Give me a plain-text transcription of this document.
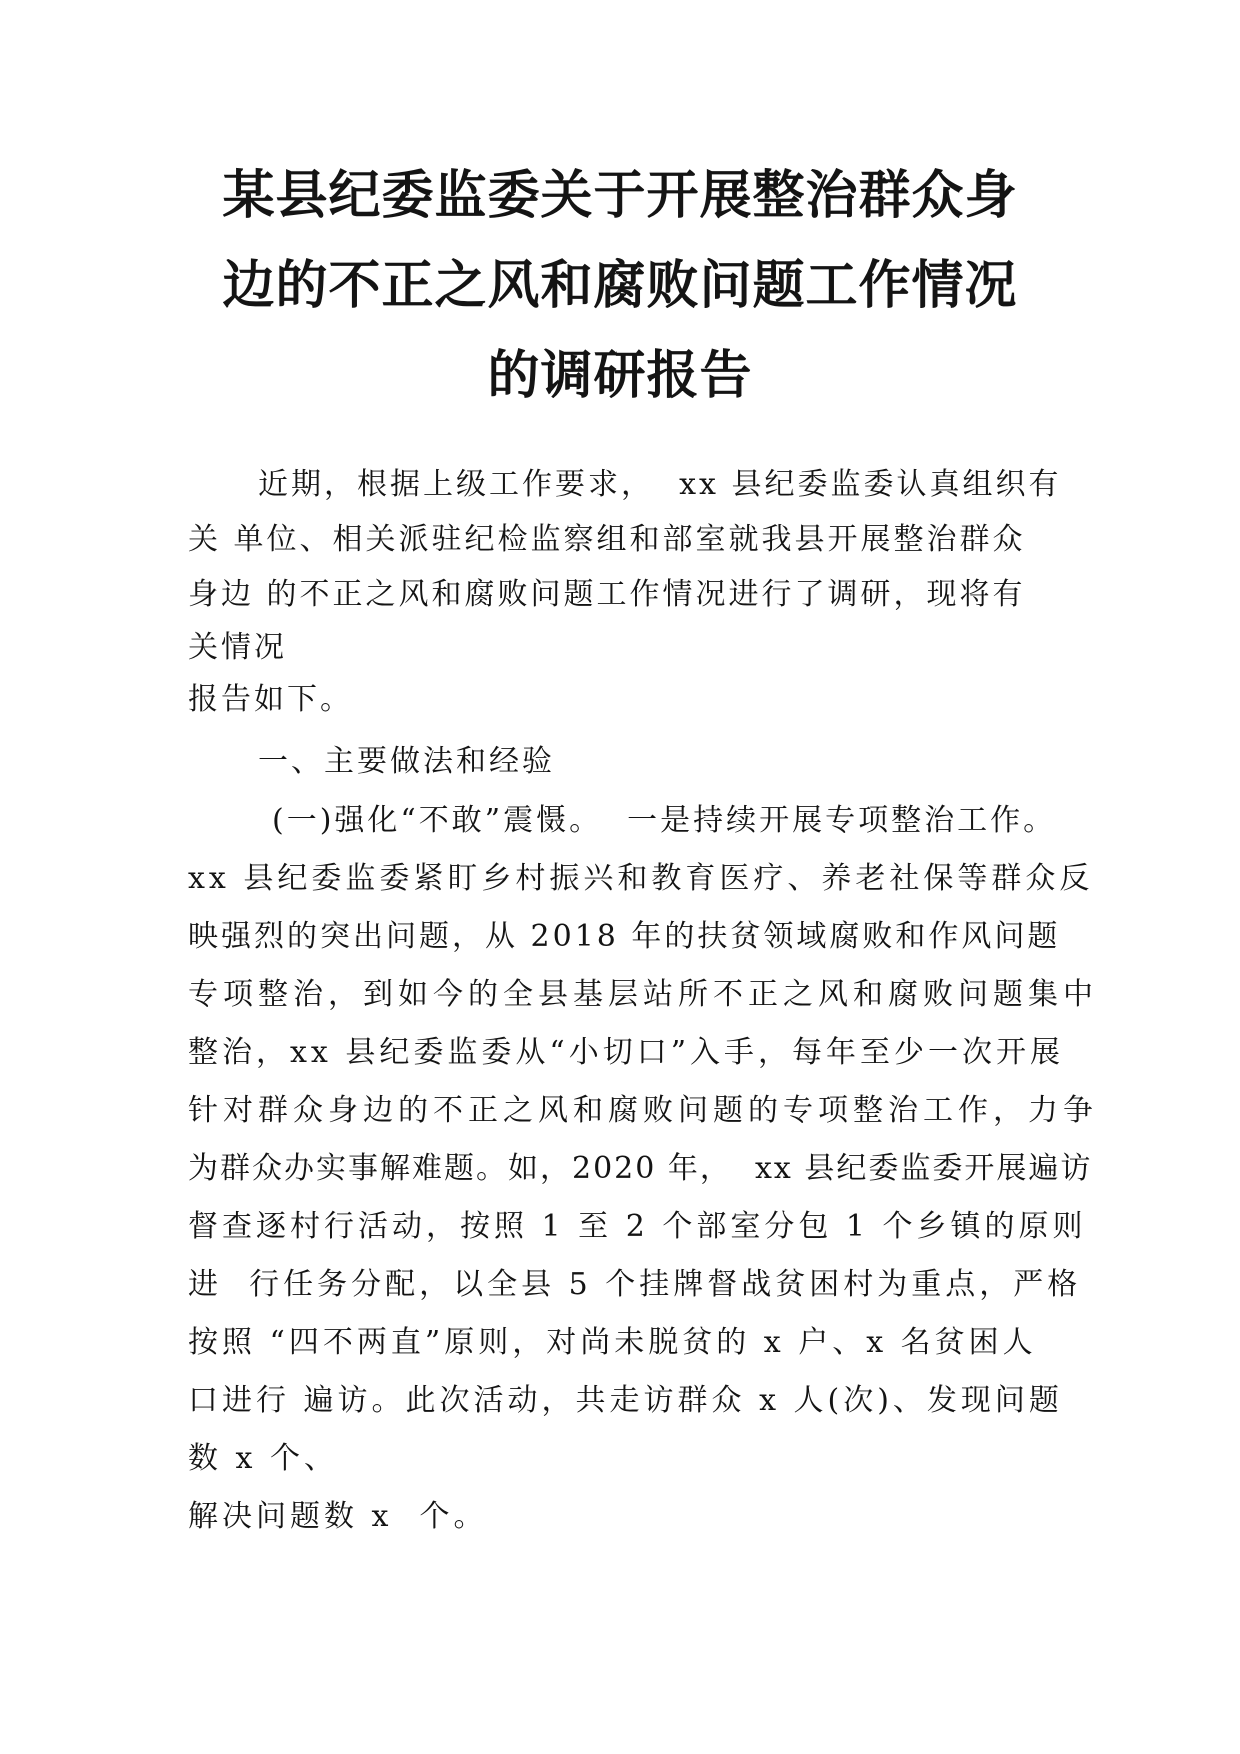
某县纪委监委关于开展整治群众身
边的不正之风和腐败问题工作情况
的调研报告

近期，根据上级工作要求，  xx 县纪委监委认真组织有

关 单位、相关派驻纪检监察组和部室就我县开展整治群众

身边 的不正之风和腐败问题工作情况进行了调研，现将有

关情况

报告如下。

一、主要做法和经验

(一)强化“不敢”震慑。  一是持续开展专项整治工作。

xx 县纪委监委紧盯乡村振兴和教育医疗、养老社保等群众反

映强烈的突出问题，从 2018 年的扶贫领域腐败和作风问题

专项整治，到如今的全县基层站所不正之风和腐败问题集中

整治，xx 县纪委监委从“小切口”入手，每年至少一次开展

针对群众身边的不正之风和腐败问题的专项整治工作，力争

为群众办实事解难题。如，2020 年，  xx 县纪委监委开展遍访

督查逐村行活动，按照 1 至 2 个部室分包 1 个乡镇的原则

进  行任务分配，以全县 5 个挂牌督战贫困村为重点，严格

按照 “四不两直”原则，对尚未脱贫的 x 户、x 名贫困人

口进行 遍访。此次活动，共走访群众 x 人(次)、发现问题

数 x 个、

解决问题数 x  个。
